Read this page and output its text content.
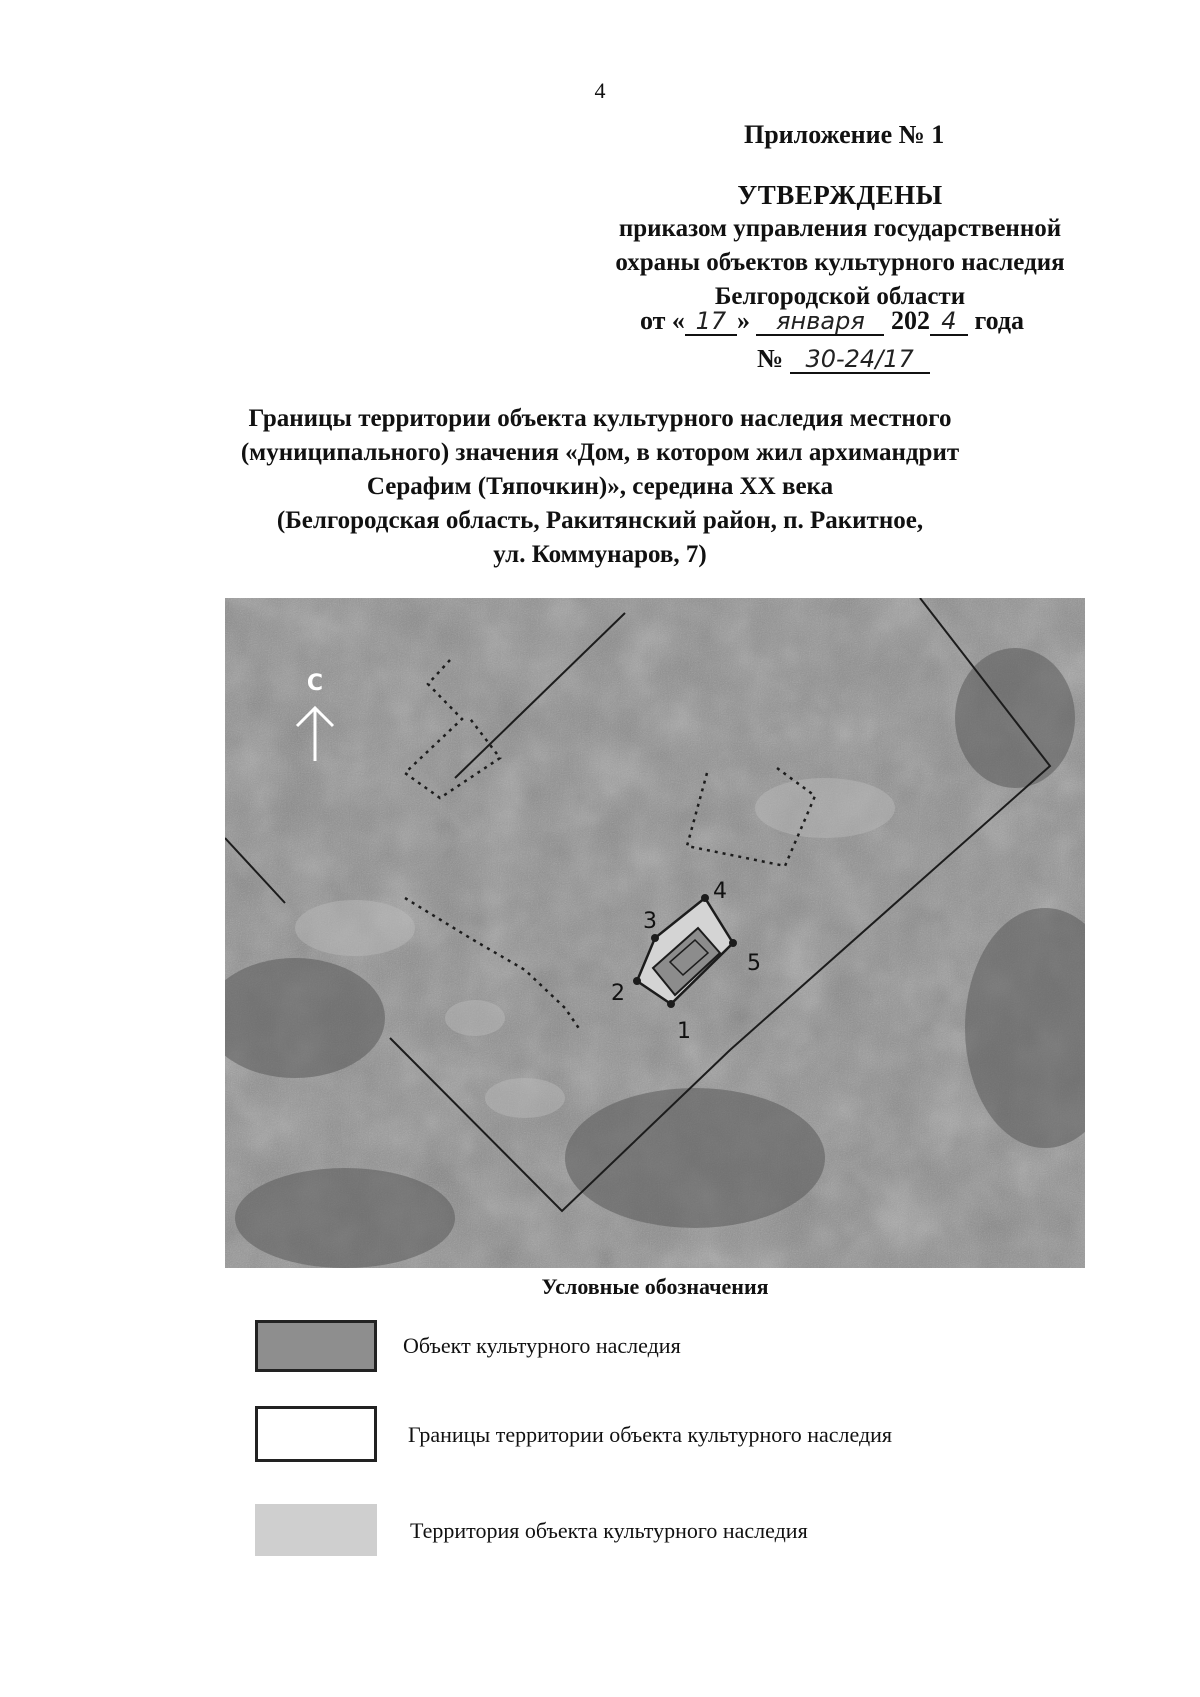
4
Приложение № 1
УТВЕРЖДЕНЫ
приказом управления государственной
охраны объектов культурного наследия
Белгородской области
от « 17 » января 202 4 года
№ 30-24/17
Границы территории объекта культурного наследия местного
(муниципального) значения «Дом, в котором жил архимандрит
Серафим (Тяпочкин)», середина XX века
(Белгородская область, Ракитянский район, п. Ракитное,
ул. Коммунаров, 7)
С
1
2
3
4
5
Условные обозначения
Объект культурного наследия
Границы территории объекта культурного наследия
Территория объекта культурного наследия
